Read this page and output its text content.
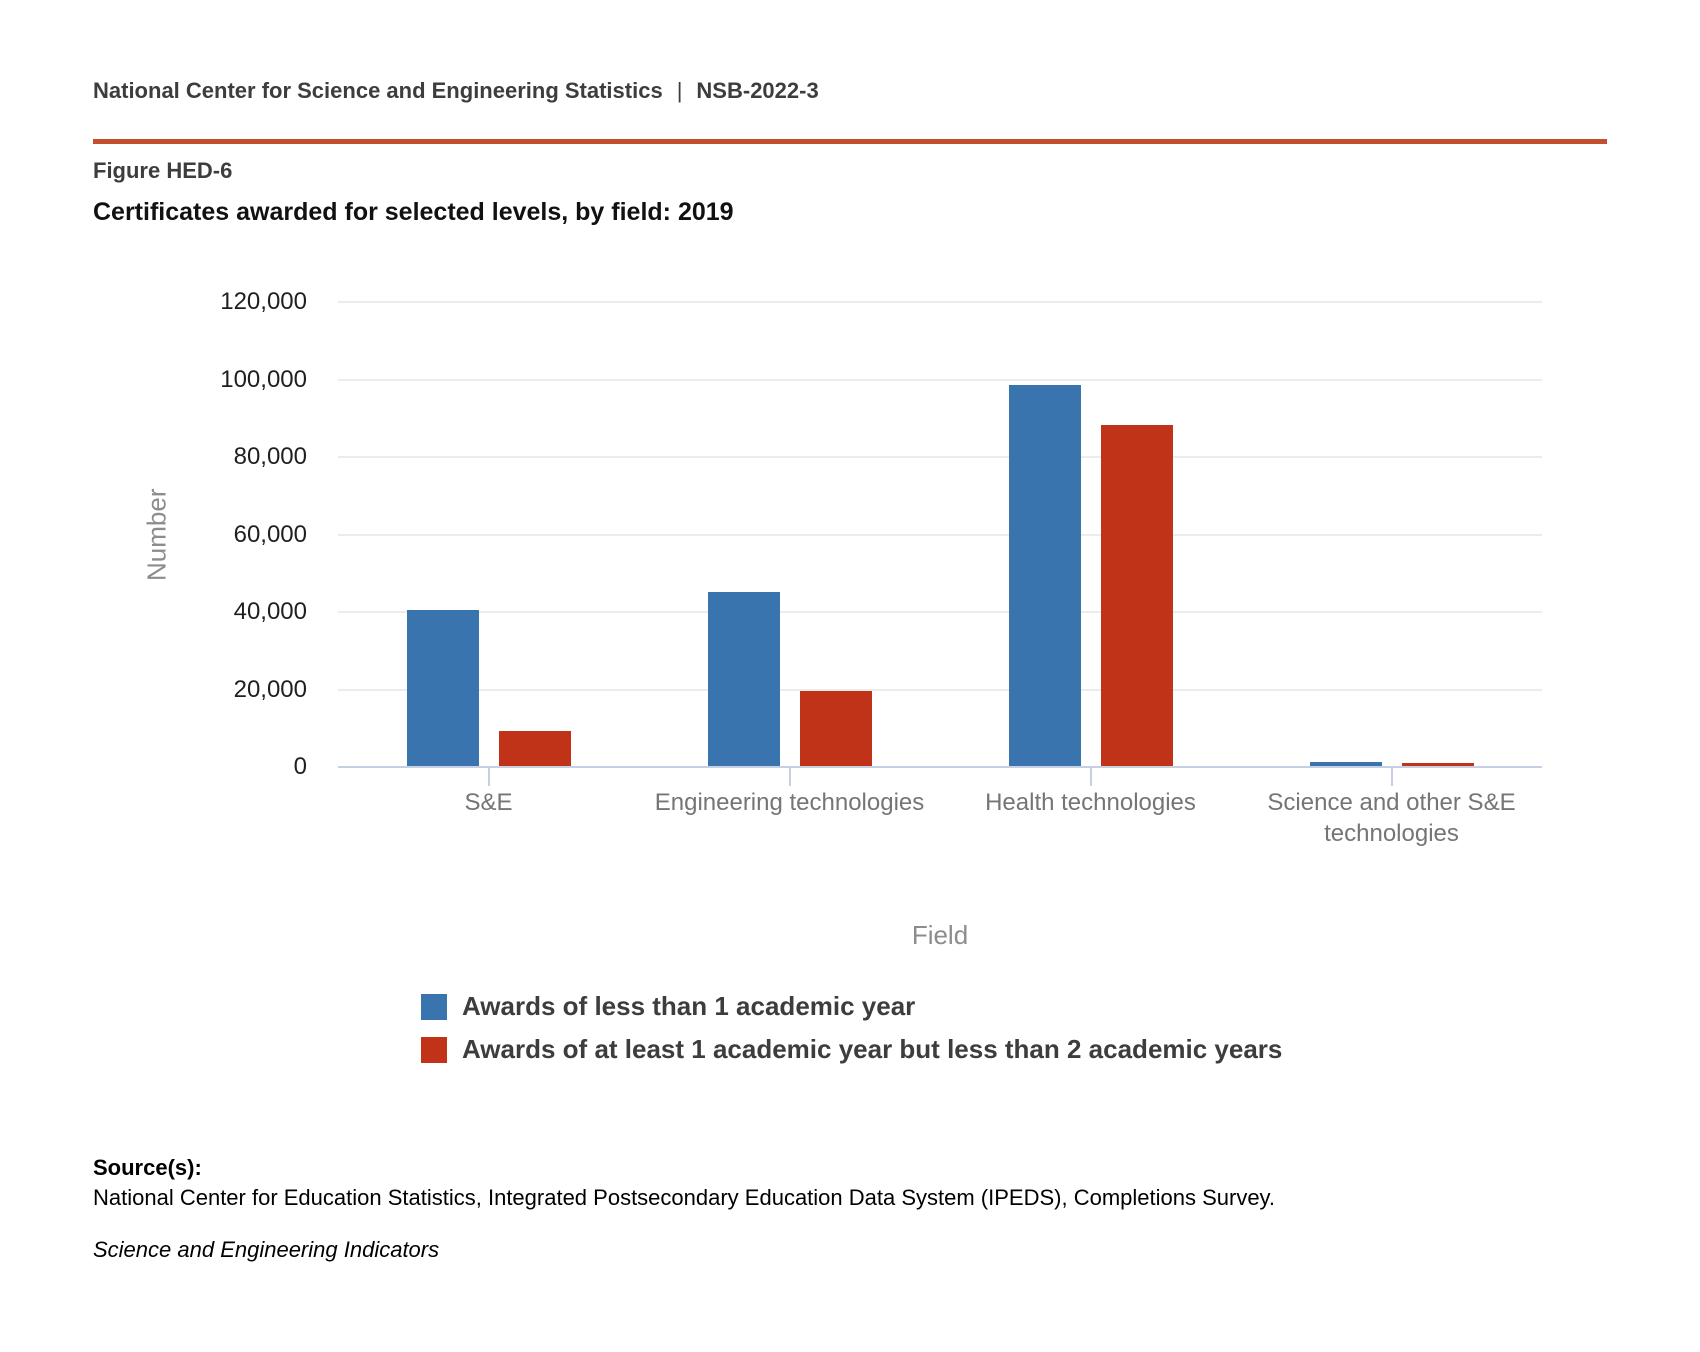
National Center for Science and Engineering Statistics | NSB-2022-3
Figure HED-6
Certificates awarded for selected levels, by field: 2019
Number
S&E	Engineering technologies	Health technologies	Science and other S&E technologies
0
20,000
40,000
60,000
80,000
100,000
120,000
Field
Awards of less than 1 academic year
Awards of at least 1 academic year but less than 2 academic years
Source(s):
National Center for Education Statistics, Integrated Postsecondary Education Data System (IPEDS), Completions Survey.
Science and Engineering Indicators
